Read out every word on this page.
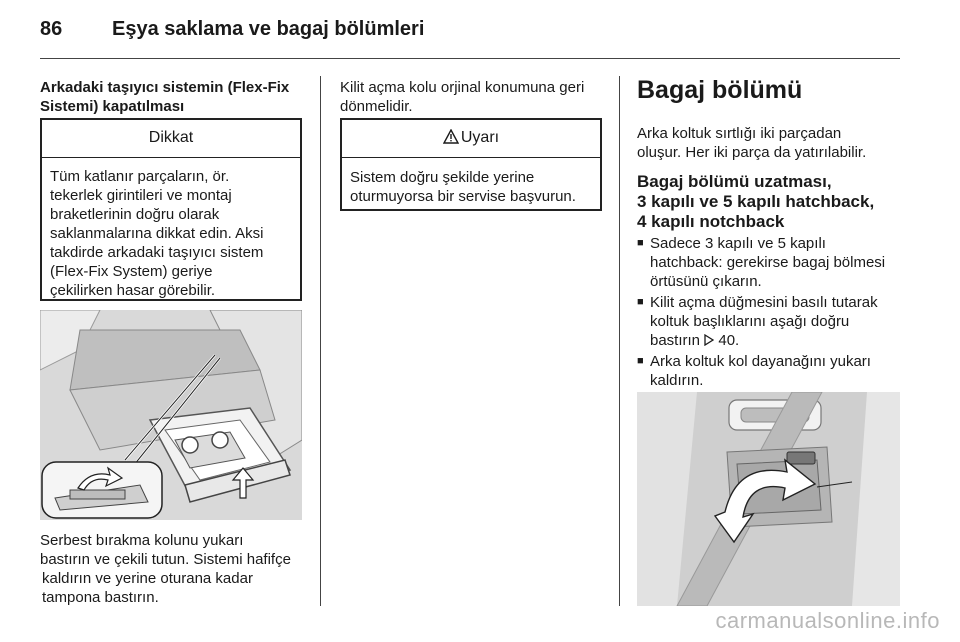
86 Eşya saklama ve bagaj bölümleri
Arkadaki taşıyıcı sistemin (Flex-Fix
Sistemi) kapatılması
Dikkat
Tüm katlanır parçaların, ör.
tekerlek girintileri ve montaj
braketlerinin doğru olarak
saklanmalarına dikkat edin. Aksi
takdirde arkadaki taşıyıcı sistem
(Flex-Fix System) geriye
çekilirken hasar görebilir.
Serbest bırakma kolunu yukarı
bastırın ve çekili tutun. Sistemi hafifçe
kaldırın ve yerine oturana kadar
tampona bastırın.
Kilit açma kolu orjinal konumuna geri
dönmelidir.
Uyarı
Sistem doğru şekilde yerine
oturmuyorsa bir servise başvurun.
Bagaj bölümü
Arka koltuk sırtlığı iki parçadan
oluşur. Her iki parça da yatırılabilir.
Bagaj bölümü uzatması,
3 kapılı ve 5 kapılı hatchback,
4 kapılı notchback
■ Sadece 3 kapılı ve 5 kapılı
hatchback: gerekirse bagaj bölmesi
örtüsünü çıkarın.
■ Kilit açma düğmesini basılı tutarak
koltuk başlıklarını aşağı doğru
bastırın 40.
■ Arka koltuk kol dayanağını yukarı
kaldırın.
carmanualsonline.info
